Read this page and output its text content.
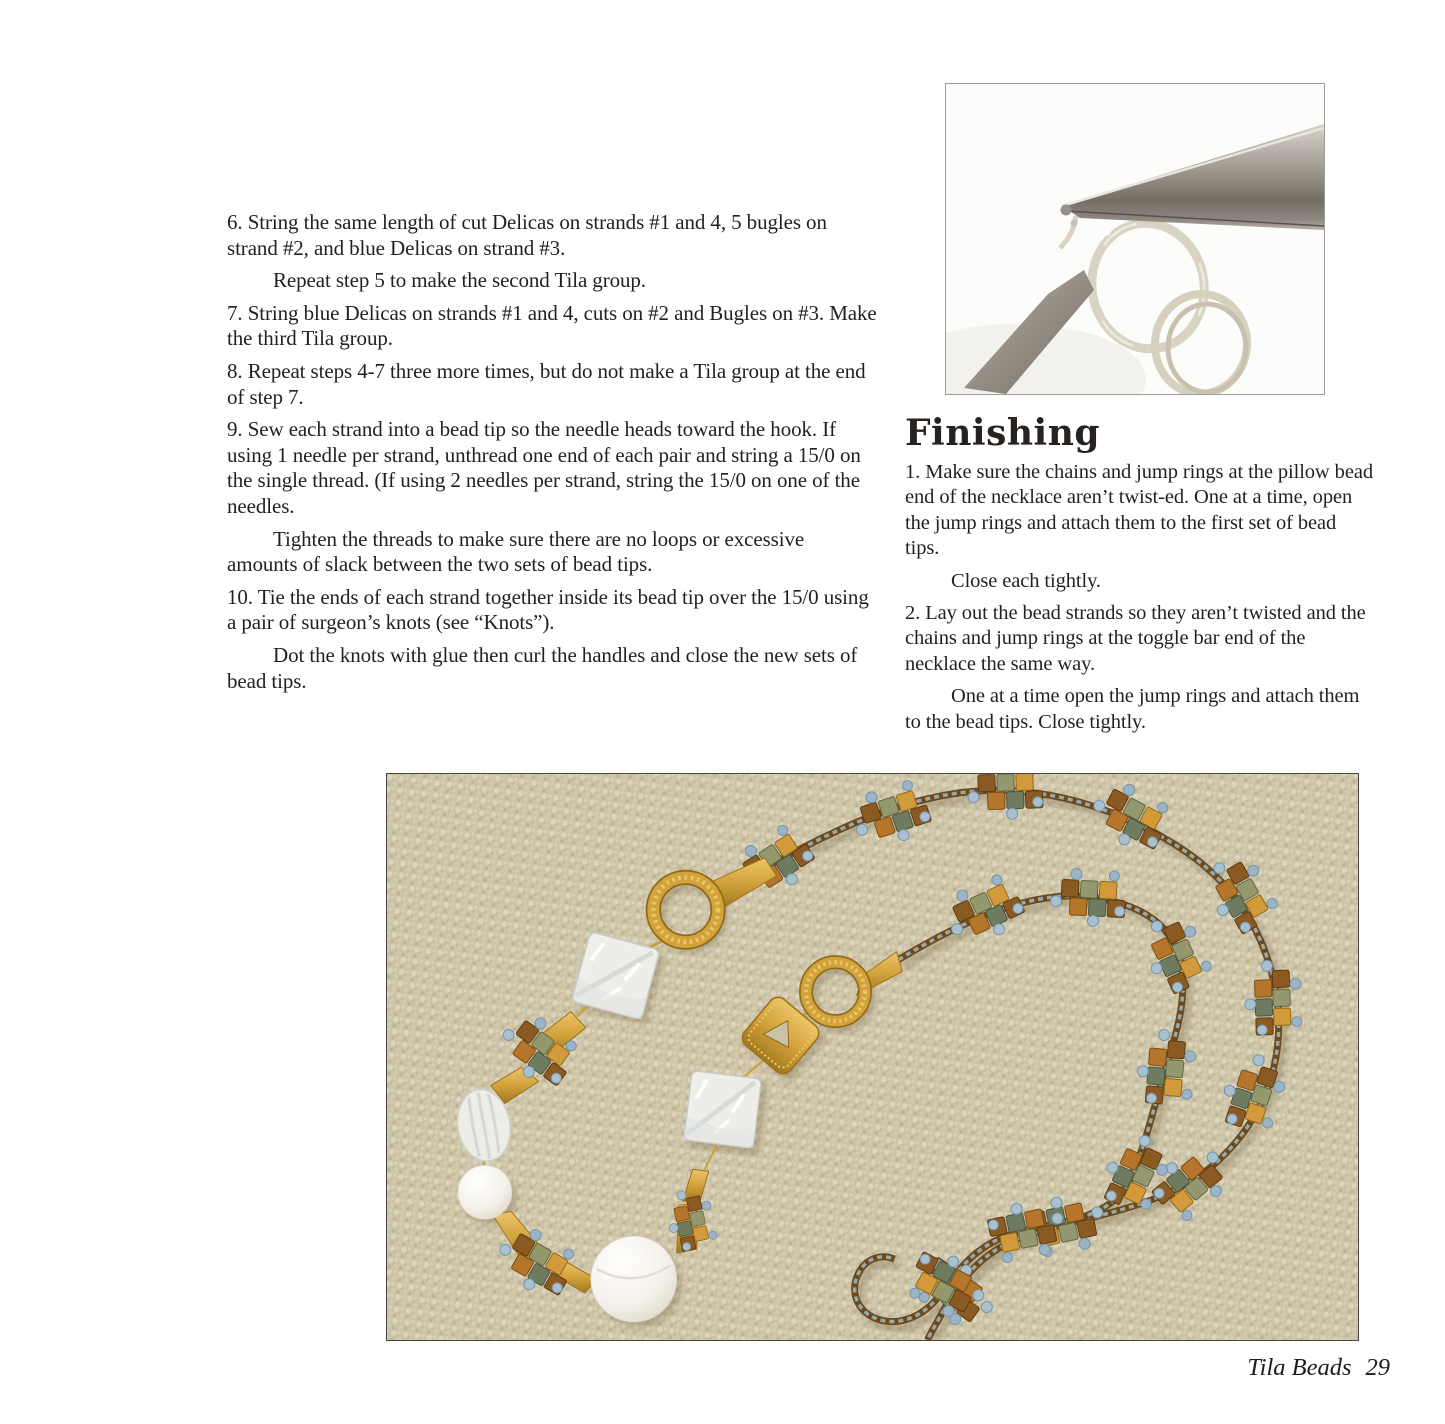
6. String the same length of cut Delicas on strands #1 and 4, 5 bugles on strand #2, and blue Delicas on strand #3.

Repeat step 5 to make the second Tila group.

7. String blue Delicas on strands #1 and 4, cuts on #2 and Bugles on #3. Make the third Tila group.

8. Repeat steps 4-7 three more times, but do not make a Tila group at the end of step 7.

9. Sew each strand into a bead tip so the needle heads toward the hook. If using 1 needle per strand, unthread one end of each pair and string a 15/0 on the single thread. (If using 2 needles per strand, string the 15/0 on one of the needles.

Tighten the threads to make sure there are no loops or excessive amounts of slack between the two sets of bead tips.

10. Tie the ends of each strand together inside its bead tip over the 15/0 using a pair of surgeon’s knots (see “Knots”).

Dot the knots with glue then curl the handles and close the new sets of bead tips.

Finishing

1. Make sure the chains and jump rings at the pillow bead end of the necklace aren’t twist-ed. One at a time, open the jump rings and attach them to the first set of bead tips.

Close each tightly.

2. Lay out the bead strands so they aren’t twisted and the chains and jump rings at the toggle bar end of the necklace the same way.

One at a time open the jump rings and attach them to the bead tips. Close tightly.

Tila Beads 29
